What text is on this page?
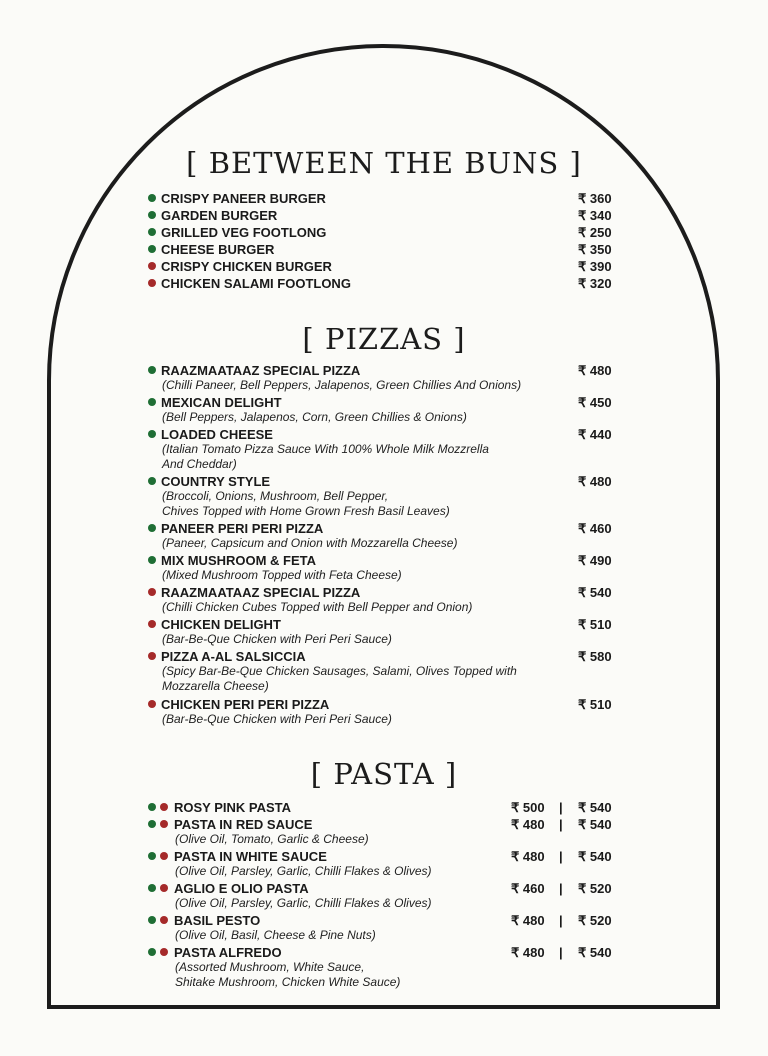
[ BETWEEN THE BUNS ]
CRISPY PANEER BURGER	₹ 360
GARDEN BURGER	₹ 340
GRILLED VEG FOOTLONG	₹ 250
CHEESE BURGER	₹ 350
CRISPY CHICKEN BURGER	₹ 390
CHICKEN SALAMI FOOTLONG	₹ 320
[ PIZZAS ]
RAAZMAATAAZ SPECIAL PIZZA	₹ 480
(Chilli Paneer, Bell Peppers, Jalapenos, Green Chillies And Onions)
MEXICAN DELIGHT	₹ 450
(Bell Peppers, Jalapenos, Corn, Green Chillies & Onions)
LOADED CHEESE	₹ 440
(Italian Tomato Pizza Sauce With 100% Whole Milk Mozzrella
And Cheddar)
COUNTRY STYLE	₹ 480
(Broccoli, Onions, Mushroom, Bell Pepper,
Chives Topped with Home Grown Fresh Basil Leaves)
PANEER PERI PERI PIZZA	₹ 460
(Paneer, Capsicum and Onion with Mozzarella Cheese)
MIX MUSHROOM & FETA	₹ 490
(Mixed Mushroom Topped with Feta Cheese)
RAAZMAATAAZ SPECIAL PIZZA	₹ 540
(Chilli Chicken Cubes Topped with Bell Pepper and Onion)
CHICKEN DELIGHT	₹ 510
(Bar-Be-Que Chicken with Peri Peri Sauce)
PIZZA A-AL SALSICCIA	₹ 580
(Spicy Bar-Be-Que Chicken Sausages, Salami, Olives Topped with
Mozzarella Cheese)
CHICKEN PERI PERI PIZZA	₹ 510
(Bar-Be-Que Chicken with Peri Peri Sauce)
[ PASTA ]
ROSY PINK PASTA	₹ 500 | ₹ 540
PASTA IN RED SAUCE	₹ 480 | ₹ 540
(Olive Oil, Tomato, Garlic & Cheese)
PASTA IN WHITE SAUCE	₹ 480 | ₹ 540
(Olive Oil, Parsley, Garlic, Chilli Flakes & Olives)
AGLIO E OLIO PASTA	₹ 460 | ₹ 520
(Olive Oil, Parsley, Garlic, Chilli Flakes & Olives)
BASIL PESTO	₹ 480 | ₹ 520
(Olive Oil, Basil, Cheese & Pine Nuts)
PASTA ALFREDO	₹ 480 | ₹ 540
(Assorted Mushroom, White Sauce,
Shitake Mushroom, Chicken White Sauce)
